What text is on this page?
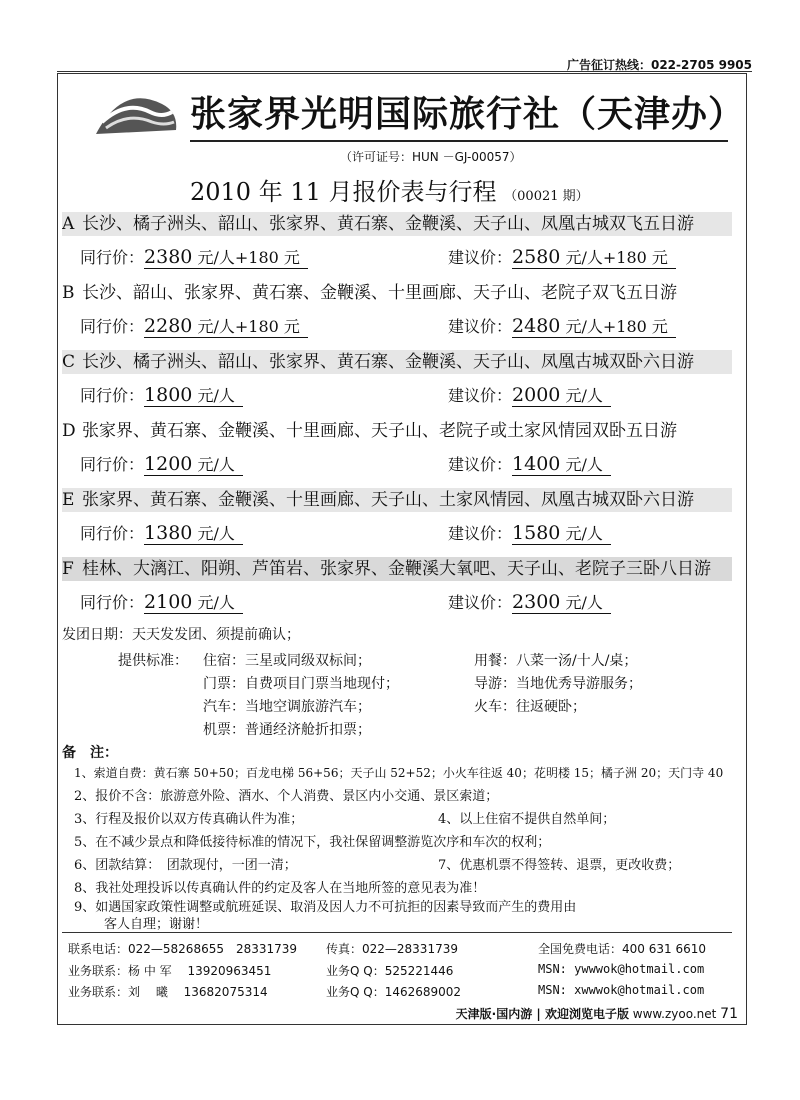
广告征订热线：022-2705 9905
GMITS
张家界光明国际旅行社（天津办）
（许可证号：HUN －GJ-00057）
2010 年 11 月报价表与行程 （00021 期）
A 长沙、橘子洲头、韶山、张家界、黄石寨、金鞭溪、天子山、凤凰古城双飞五日游
同行价：2380 元/人+180 元	建议价：2580 元/人+180 元
B 长沙、韶山、张家界、黄石寨、金鞭溪、十里画廊、天子山、老院子双飞五日游
同行价：2280 元/人+180 元	建议价：2480 元/人+180 元
C 长沙、橘子洲头、韶山、张家界、黄石寨、金鞭溪、天子山、凤凰古城双卧六日游
同行价：1800 元/人	建议价：2000 元/人
D 张家界、黄石寨、金鞭溪、十里画廊、天子山、老院子或土家风情园双卧五日游
同行价：1200 元/人	建议价：1400 元/人
E 张家界、黄石寨、金鞭溪、十里画廊、天子山、土家风情园、凤凰古城双卧六日游
同行价：1380 元/人	建议价：1580 元/人
F 桂林、大漓江、阳朔、芦笛岩、张家界、金鞭溪大氧吧、天子山、老院子三卧八日游
同行价：2100 元/人	建议价：2300 元/人
发团日期：天天发发团、须提前确认；
提供标准： 住宿：三星或同级双标间；	用餐：八菜一汤/十人/桌；
门票：自费项目门票当地现付；	导游：当地优秀导游服务；
汽车：当地空调旅游汽车；	火车：往返硬卧；
机票：普通经济舱折扣票；
备　注：
1、索道自费：黄石寨 50+50；百龙电梯 56+56；天子山 52+52；小火车往返 40；花明楼 15；橘子洲 20；天门寺 40
2、报价不含：旅游意外险、酒水、个人消费、景区内小交通、景区索道；
3、行程及报价以双方传真确认件为准；	4、以上住宿不提供自然单间；
5、在不减少景点和降低接待标准的情况下，我社保留调整游览次序和车次的权利；
6、团款结算：　团款现付，一团一清；	7、优惠机票不得签转、退票，更改收费；
8、我社处理投诉以传真确认件的约定及客人在当地所签的意见表为准！
9、如遇国家政策性调整或航班延误、取消及因人力不可抗拒的因素导致而产生的费用由
客人自理；谢谢！
联系电话：022—58268655　28331739 传真：022—28331739	全国免费电话：400 631 6610
业务联系：杨 中 军　 13920963451	业务Q Q：525221446	MSN: ywwwok@hotmail.com
业务联系：刘　 曦　 13682075314	业务Q Q：1462689002	MSN: xwwwok@hotmail.com
天津版·国内游 | 欢迎浏览电子版 www.zyoo.net 71
